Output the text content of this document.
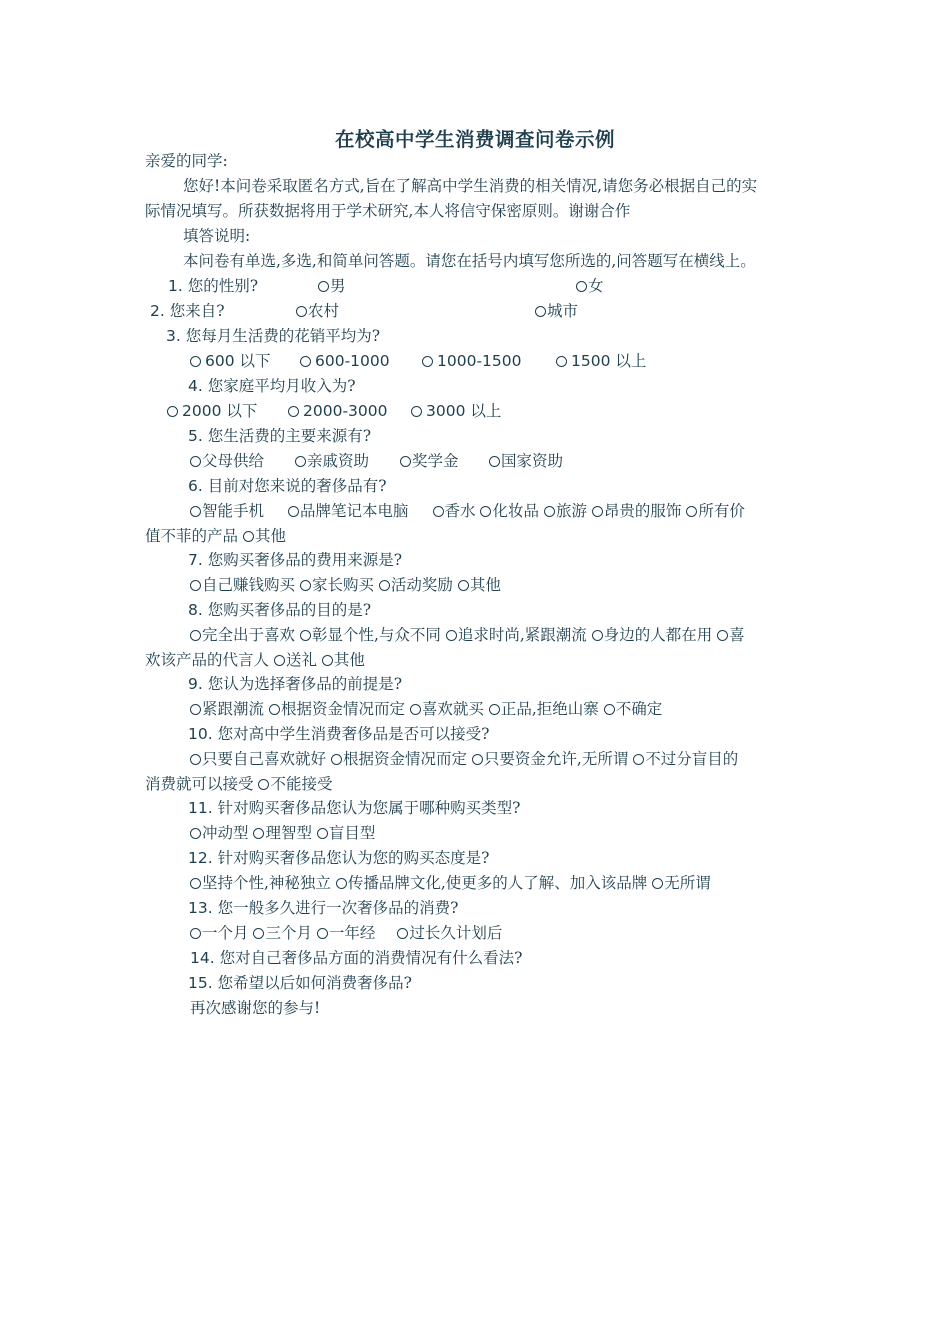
在校高中学生消费调查问卷示例
亲爱的同学:
您好!本问卷采取匿名方式,旨在了解高中学生消费的相关情况,请您务必根据自己的实
际情况填写。所获数据将用于学术研究,本人将信守保密原则。谢谢合作
填答说明:
本问卷有单选,多选,和简单问答题。请您在括号内填写您所选的,问答题写在横线上。
1. 您的性别?	男	女
2. 您来自?	农村	城市
3. 您每月生活费的花销平均为?
600 以下	600-1000	1000-1500	1500 以上
4. 您家庭平均月收入为?
2000 以下	2000-3000	3000 以上
5. 您生活费的主要来源有?
父母供给	亲戚资助	奖学金	国家资助
6. 目前对您来说的奢侈品有?
智能手机 品牌笔记本电脑 香水 化妆品 旅游 昂贵的服饰 所有价
值不菲的产品 其他
7. 您购买奢侈品的费用来源是?
自己赚钱购买 家长购买 活动奖励 其他
8. 您购买奢侈品的目的是?
完全出于喜欢 彰显个性,与众不同 追求时尚,紧跟潮流 身边的人都在用 喜
欢该产品的代言人 送礼 其他
9. 您认为选择奢侈品的前提是?
紧跟潮流 根据资金情况而定 喜欢就买 正品,拒绝山寨 不确定
10. 您对高中学生消费奢侈品是否可以接受?
只要自己喜欢就好 根据资金情况而定 只要资金允许,无所谓 不过分盲目的
消费就可以接受 不能接受
11. 针对购买奢侈品您认为您属于哪种购买类型?
冲动型 理智型 盲目型
12. 针对购买奢侈品您认为您的购买态度是?
坚持个性,神秘独立 传播品牌文化,使更多的人了解、加入该品牌 无所谓
13. 您一般多久进行一次奢侈品的消费?
一个月 三个月 一年经 过长久计划后
14. 您对自己奢侈品方面的消费情况有什么看法?
15. 您希望以后如何消费奢侈品?
再次感谢您的参与!
